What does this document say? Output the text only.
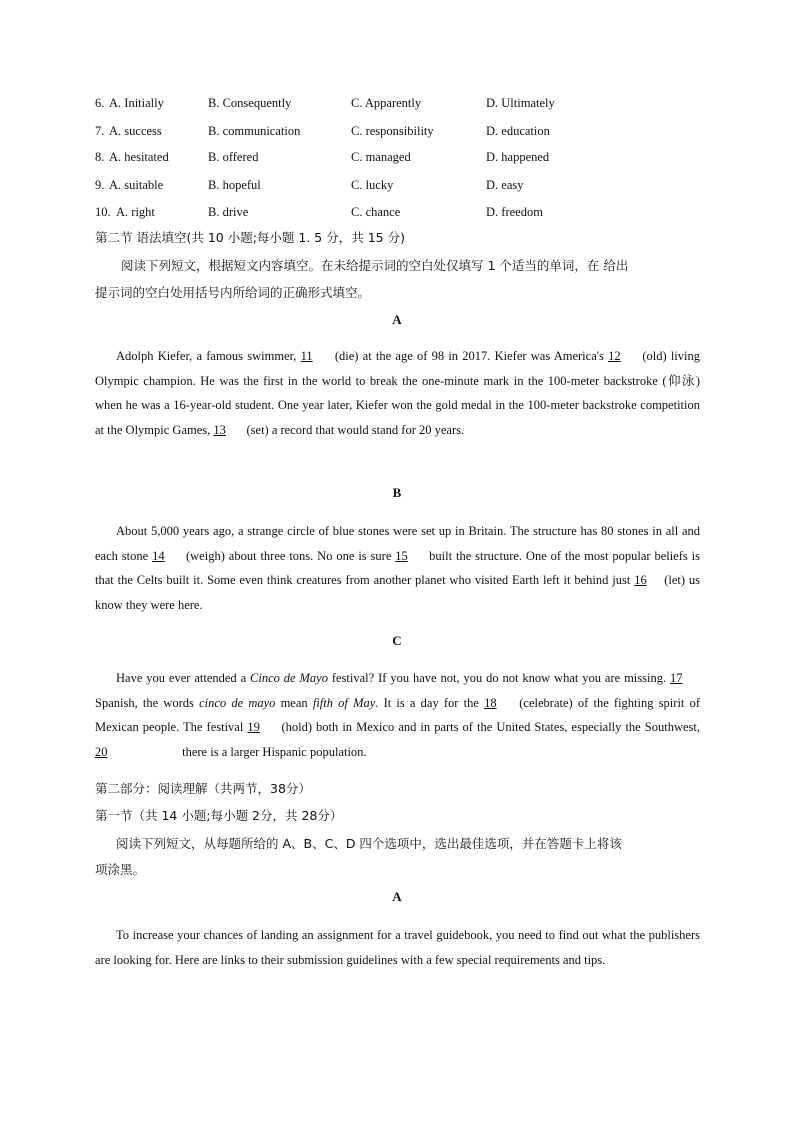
6. A. Initially	B. Consequently	C. Apparently	D. Ultimately
7. A. success	B. communication	C. responsibility	D. education
8. A. hesitated	B. offered	C. managed	D. happened
9. A. suitable	B. hopeful	C. lucky	D. easy
10. A. right	B. drive	C. chance	D. freedom
第二节 语法填空(共 10 小题;每小题 1. 5 分，共 15 分)
阅读下列短文，根据短文内容填空。在未给提示词的空白处仅填写 1 个适当的单词，在 给出
提示词的空白处用括号内所给词的正确形式填空。
A
Adolph Kiefer, a famous swimmer, 11 (die) at the age of 98 in 2017. Kiefer was America's 12 (old) living Olympic champion. He was the first in the world to break the one-minute mark in the 100-meter backstroke (仰泳) when he was a 16-year-old student. One year later, Kiefer won the gold medal in the 100-meter backstroke competition at the Olympic Games, 13 (set) a record that would stand for 20 years.
B
About 5,000 years ago, a strange circle of blue stones were set up in Britain. The structure has 80 stones in all and each stone 14 (weigh) about three tons. No one is sure 15 built the structure. One of the most popular beliefs is that the Celts built it. Some even think creatures from another planet who visited Earth left it behind just 16 (let) us know they were here.
C
Have you ever attended a Cinco de Mayo festival? If you have not, you do not know what you are missing. 17 Spanish, the words cinco de mayo mean fifth of May. It is a day for the 18 (celebrate) of the fighting spirit of Mexican people. The festival 19 (hold) both in Mexico and in parts of the United States, especially the Southwest, 20	there is a larger Hispanic population.
第二部分：阅读理解（共两节，38分）
第一节（共 14 小题;每小题 2分，共 28分）
阅读下列短文，从每题所给的 A、B、C、D 四个选项中，选出最佳选项，并在答题卡上将该
项涂黑。
A
To increase your chances of landing an assignment for a travel guidebook, you need to find out what the publishers are looking for. Here are links to their submission guidelines with a few special requirements and tips.
